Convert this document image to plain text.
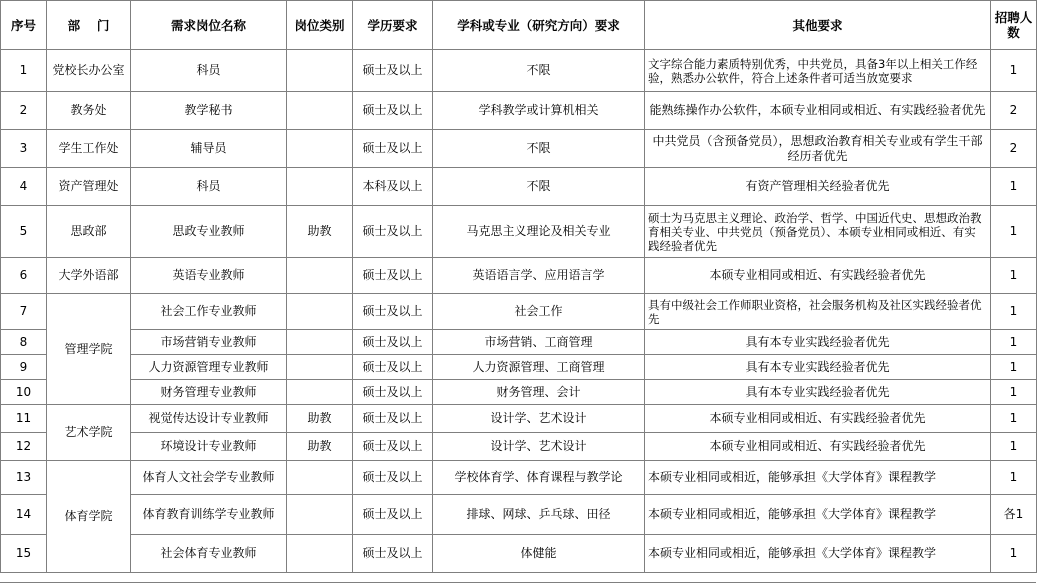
序号	部　 门	需求岗位名称	岗位类别	学历要求	学科或专业（研究方向）要求	其他要求	招聘人数
1	党校长办公室	科员		硕士及以上	不限	文字综合能力素质特别优秀，中共党员，具备3年以上相关工作经验，熟悉办公软件，符合上述条件者可适当放宽要求	1
2	教务处	教学秘书		硕士及以上	学科教学或计算机相关	能熟练操作办公软件，本硕专业相同或相近、有实践经验者优先	2
3	学生工作处	辅导员		硕士及以上	不限	中共党员（含预备党员），思想政治教育相关专业或有学生干部经历者优先	2
4	资产管理处	科员		本科及以上	不限	有资产管理相关经验者优先	1
5	思政部	思政专业教师	助教	硕士及以上	马克思主义理论及相关专业	硕士为马克思主义理论、政治学、哲学、中国近代史、思想政治教育相关专业、中共党员（预备党员）、本硕专业相同或相近、有实践经验者优先	1
6	大学外语部	英语专业教师		硕士及以上	英语语言学、应用语言学	本硕专业相同或相近、有实践经验者优先	1
7	管理学院	社会工作专业教师		硕士及以上	社会工作	具有中级社会工作师职业资格，社会服务机构及社区实践经验者优先	1
8		市场营销专业教师		硕士及以上	市场营销、工商管理	具有本专业实践经验者优先	1
9		人力资源管理专业教师		硕士及以上	人力资源管理、工商管理	具有本专业实践经验者优先	1
10		财务管理专业教师		硕士及以上	财务管理、会计	具有本专业实践经验者优先	1
11	艺术学院	视觉传达设计专业教师	助教	硕士及以上	设计学、艺术设计	本硕专业相同或相近、有实践经验者优先	1
12		环境设计专业教师	助教	硕士及以上	设计学、艺术设计	本硕专业相同或相近、有实践经验者优先	1
13	体育学院	体育人文社会学专业教师		硕士及以上	学校体育学、体育课程与教学论	本硕专业相同或相近，能够承担《大学体育》课程教学	1
14		体育教育训练学专业教师		硕士及以上	排球、网球、乒乓球、田径	本硕专业相同或相近，能够承担《大学体育》课程教学	各1
15		社会体育专业教师		硕士及以上	体健能	本硕专业相同或相近，能够承担《大学体育》课程教学	1
